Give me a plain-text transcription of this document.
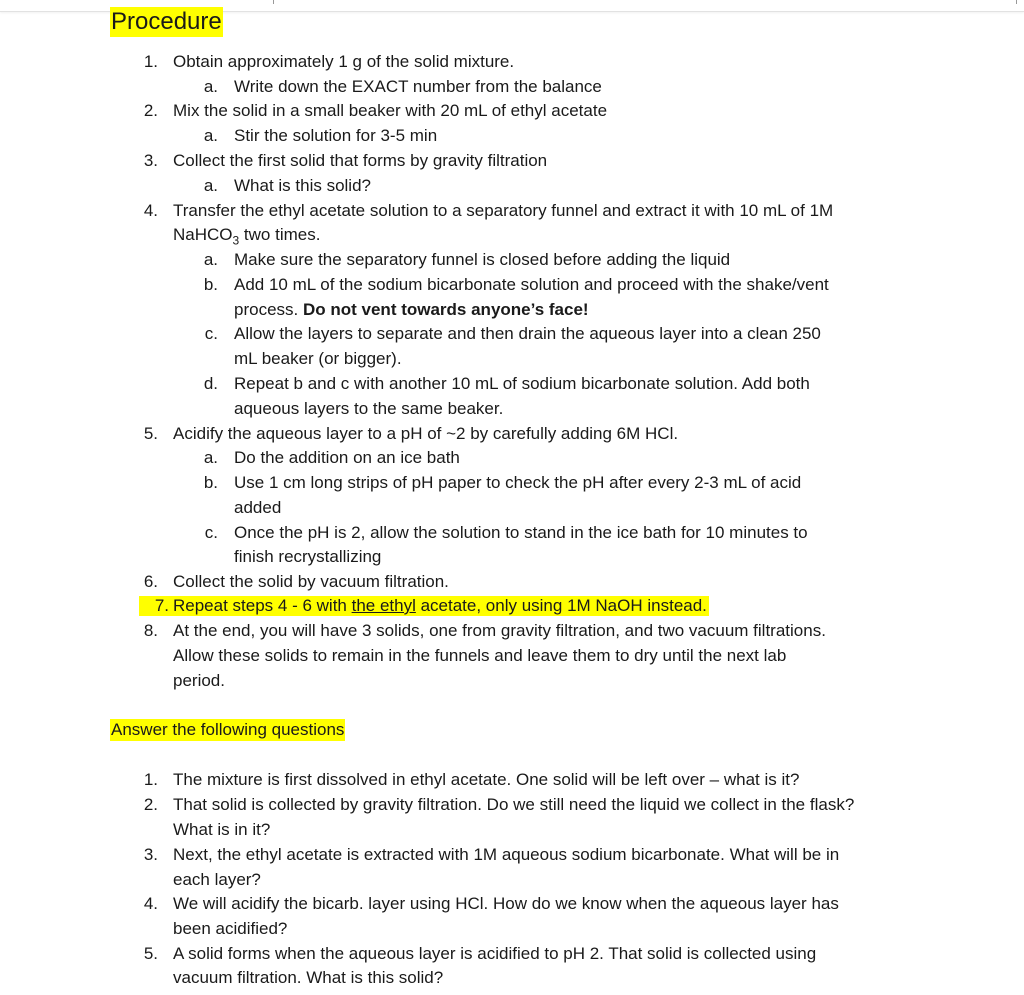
Procedure
1. Obtain approximately 1 g of the solid mixture.
a. Write down the EXACT number from the balance
2. Mix the solid in a small beaker with 20 mL of ethyl acetate
a. Stir the solution for 3-5 min
3. Collect the first solid that forms by gravity filtration
a. What is this solid?
4. Transfer the ethyl acetate solution to a separatory funnel and extract it with 10 mL of 1M
NaHCO$_3$ two times.
a. Make sure the separatory funnel is closed before adding the liquid
b. Add 10 mL of the sodium bicarbonate solution and proceed with the shake/vent
process. Do not vent towards anyone’s face!
c. Allow the layers to separate and then drain the aqueous layer into a clean 250
mL beaker (or bigger).
d. Repeat b and c with another 10 mL of sodium bicarbonate solution. Add both
aqueous layers to the same beaker.
5. Acidify the aqueous layer to a pH of ~2 by carefully adding 6M HCl.
a. Do the addition on an ice bath
b. Use 1 cm long strips of pH paper to check the pH after every 2-3 mL of acid
added
c. Once the pH is 2, allow the solution to stand in the ice bath for 10 minutes to
finish recrystallizing
6. Collect the solid by vacuum filtration.
7. Repeat steps 4 - 6 with the ethyl acetate, only using 1M NaOH instead.
8. At the end, you will have 3 solids, one from gravity filtration, and two vacuum filtrations.
Allow these solids to remain in the funnels and leave them to dry until the next lab
period.
Answer the following questions
1. The mixture is first dissolved in ethyl acetate. One solid will be left over – what is it?
2. That solid is collected by gravity filtration. Do we still need the liquid we collect in the flask?
What is in it?
3. Next, the ethyl acetate is extracted with 1M aqueous sodium bicarbonate. What will be in
each layer?
4. We will acidify the bicarb. layer using HCl. How do we know when the aqueous layer has
been acidified?
5. A solid forms when the aqueous layer is acidified to pH 2. That solid is collected using
vacuum filtration. What is this solid?
